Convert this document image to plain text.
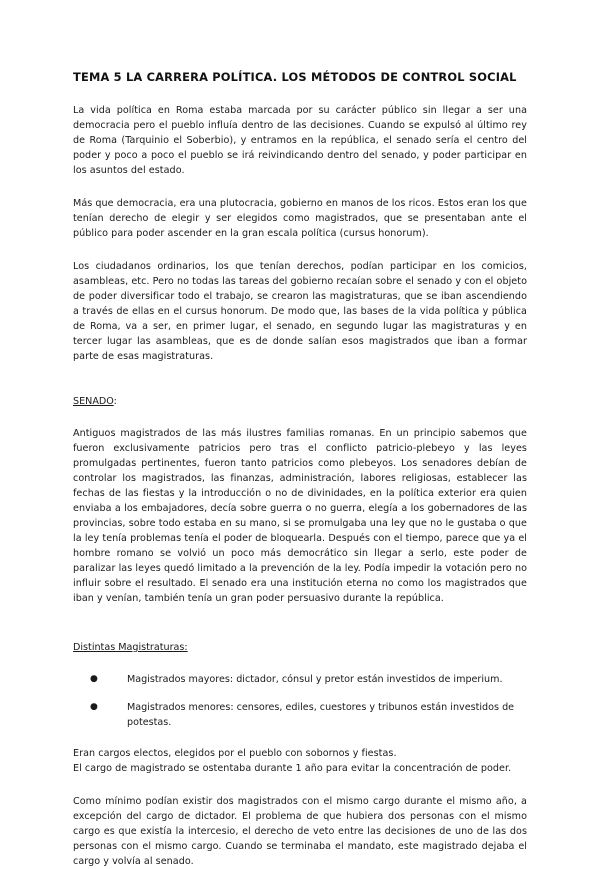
TEMA 5 LA CARRERA POLÍTICA. LOS MÉTODOS DE CONTROL SOCIAL

La vida política en Roma estaba marcada por su carácter público sin llegar a ser una democracia pero el pueblo influía dentro de las decisiones. Cuando se expulsó al último rey de Roma (Tarquinio el Soberbio), y entramos en la república, el senado sería el centro del poder y poco a poco el pueblo se irá reivindicando dentro del senado, y poder participar en los asuntos del estado.

Más que democracia, era una plutocracia, gobierno en manos de los ricos. Estos eran los que tenían derecho de elegir y ser elegidos como magistrados, que se presentaban ante el público para poder ascender en la gran escala política (cursus honorum).

Los ciudadanos ordinarios, los que tenían derechos, podían participar en los comicios, asambleas, etc. Pero no todas las tareas del gobierno recaían sobre el senado y con el objeto de poder diversificar todo el trabajo, se crearon las magistraturas, que se iban ascendiendo a través de ellas en el cursus honorum. De modo que, las bases de la vida política y pública de Roma, va a ser, en primer lugar, el senado, en segundo lugar las magistraturas y en tercer lugar las asambleas, que es de donde salían esos magistrados que iban a formar parte de esas magistraturas.

SENADO:

Antiguos magistrados de las más ilustres familias romanas. En un principio sabemos que fueron exclusivamente patricios pero tras el conflicto patricio-plebeyo y las leyes promulgadas pertinentes, fueron tanto patricios como plebeyos. Los senadores debían de controlar los magistrados, las finanzas, administración, labores religiosas, establecer las fechas de las fiestas y la introducción o no de divinidades, en la política exterior era quien enviaba a los embajadores, decía sobre guerra o no guerra, elegía a los gobernadores de las provincias, sobre todo estaba en su mano, si se promulgaba una ley que no le gustaba o que la ley tenía problemas tenía el poder de bloquearla. Después con el tiempo, parece que ya el hombre romano se volvió un poco más democrático sin llegar a serlo, este poder de paralizar las leyes quedó limitado a la prevención de la ley. Podía impedir la votación pero no influir sobre el resultado. El senado era una institución eterna no como los magistrados que iban y venían, también tenía un gran poder persuasivo durante la república.

Distintas Magistraturas:
●	Magistrados mayores: dictador, cónsul y pretor están investidos de imperium.
●	Magistrados menores: censores, ediles, cuestores y tribunos están investidos de potestas.

Eran cargos electos, elegidos por el pueblo con sobornos y fiestas.

El cargo de magistrado se ostentaba durante 1 año para evitar la concentración de poder.

Como mínimo podían existir dos magistrados con el mismo cargo durante el mismo año, a excepción del cargo de dictador. El problema de que hubiera dos personas con el mismo cargo es que existía la intercesio, el derecho de veto entre las decisiones de uno de las dos personas con el mismo cargo. Cuando se terminaba el mandato, este magistrado dejaba el cargo y volvía al senado.
